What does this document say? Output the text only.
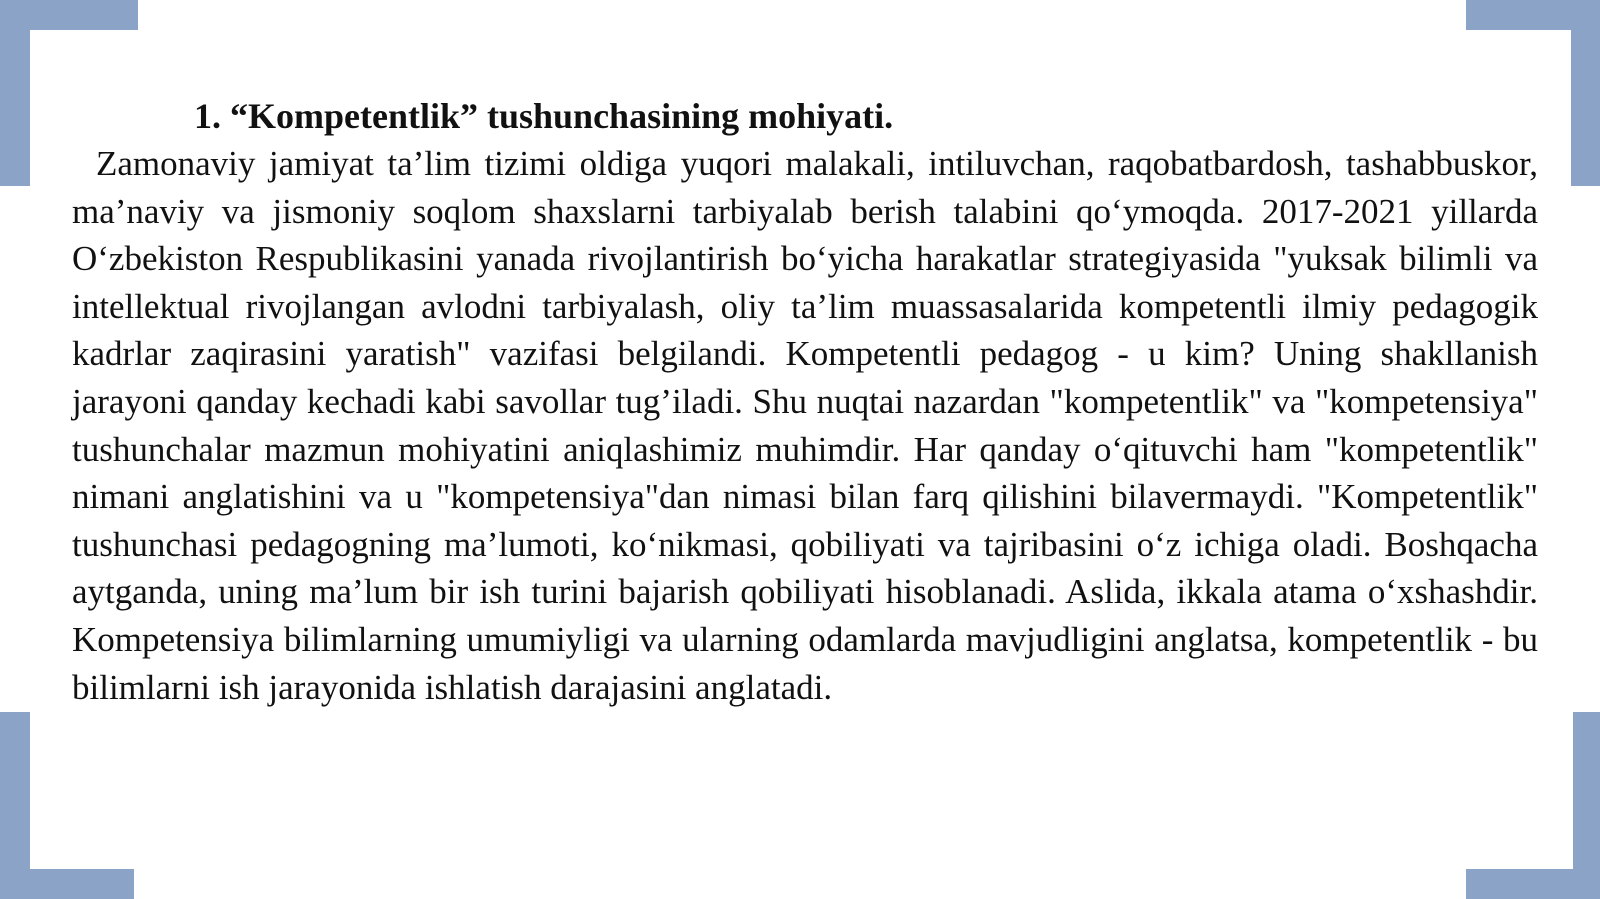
1. “Kompetentlik” tushunchasining mohiyati.

Zamonaviy jamiyat ta’lim tizimi oldiga yuqori malakali, intiluvchan, raqobatbardosh, tashabbuskor, ma’naviy va jismoniy soqlom shaxslarni tarbiyalab berish talabini qo‘ymoqda. 2017-2021 yillarda O‘zbekiston Respublikasini yanada rivojlantirish bo‘yicha harakatlar strategiyasida "yuksak bilimli va intellektual rivojlangan avlodni tarbiyalash, oliy ta’lim muassasalarida kompetentli ilmiy pedagogik kadrlar zaqirasini yaratish" vazifasi belgilandi. Kompetentli pedagog - u kim? Uning shakllanish jarayoni qanday kechadi kabi savollar tug’iladi. Shu nuqtai nazardan "kompetentlik" va "kompetensiya" tushunchalar mazmun mohiyatini aniqlashimiz muhimdir. Har qanday o‘qituvchi ham "kompetentlik" nimani anglatishini va u "kompetensiya"dan nimasi bilan farq qilishini bilavermaydi. "Kompetentlik" tushunchasi pedagogning ma’lumoti, ko‘nikmasi, qobiliyati va tajribasini o‘z ichiga oladi. Boshqacha aytganda, uning ma’lum bir ish turini bajarish qobiliyati hisoblanadi. Aslida, ikkala atama o‘xshashdir. Kompetensiya bilimlarning umumiyligi va ularning odamlarda mavjudligini anglatsa, kompetentlik - bu bilimlarni ish jarayonida ishlatish darajasini anglatadi.
